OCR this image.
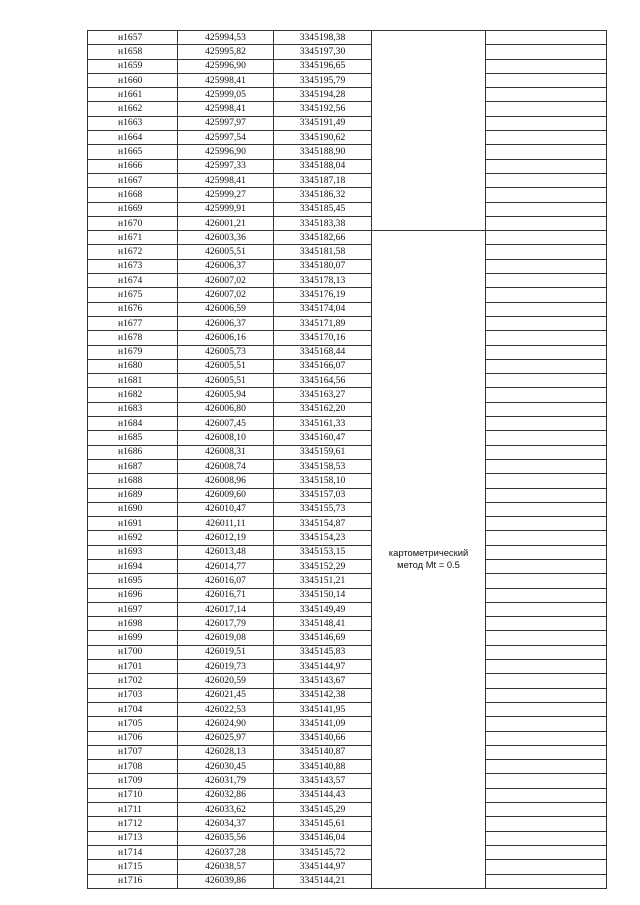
н1657	425994,53	3345198,38		
н1658	425995,82	3345197,30		
н1659	425996,90	3345196,65		
н1660	425998,41	3345195,79		
н1661	425999,05	3345194,28		
н1662	425998,41	3345192,56		
н1663	425997,97	3345191,49		
н1664	425997,54	3345190,62		
н1665	425996,90	3345188,90		
н1666	425997,33	3345188,04		
н1667	425998,41	3345187,18		
н1668	425999,27	3345186,32		
н1669	425999,91	3345185,45		
н1670	426001,21	3345183,38		
н1671	426003,36	3345182,66	картометрический
метод Mt = 0.5	

н1672	426005,51	3345181,58		
н1673	426006,37	3345180,07		
н1674	426007,02	3345178,13		
н1675	426007,02	3345176,19		
н1676	426006,59	3345174,04		
н1677	426006,37	3345171,89		
н1678	426006,16	3345170,16		
н1679	426005,73	3345168,44		
н1680	426005,51	3345166,07		
н1681	426005,51	3345164,56		
н1682	426005,94	3345163,27		
н1683	426006,80	3345162,20		
н1684	426007,45	3345161,33		
н1685	426008,10	3345160,47		
н1686	426008,31	3345159,61		
н1687	426008,74	3345158,53		
н1688	426008,96	3345158,10		
н1689	426009,60	3345157,03		
н1690	426010,47	3345155,73		
н1691	426011,11	3345154,87		
н1692	426012,19	3345154,23		
н1693	426013,48	3345153,15		
н1694	426014,77	3345152,29		
н1695	426016,07	3345151,21		
н1696	426016,71	3345150,14		
н1697	426017,14	3345149,49		
н1698	426017,79	3345148,41		
н1699	426019,08	3345146,69		
н1700	426019,51	3345145,83		
н1701	426019,73	3345144,97		
н1702	426020,59	3345143,67		
н1703	426021,45	3345142,38		
н1704	426022,53	3345141,95		
н1705	426024,90	3345141,09		
н1706	426025,97	3345140,66		
н1707	426028,13	3345140,87		
н1708	426030,45	3345140,88		
н1709	426031,79	3345143,57		
н1710	426032,86	3345144,43		
н1711	426033,62	3345145,29		
н1712	426034,37	3345145,61		
н1713	426035,56	3345146,04		
н1714	426037,28	3345145,72		
н1715	426038,57	3345144,97		
н1716	426039,86	3345144,21		
